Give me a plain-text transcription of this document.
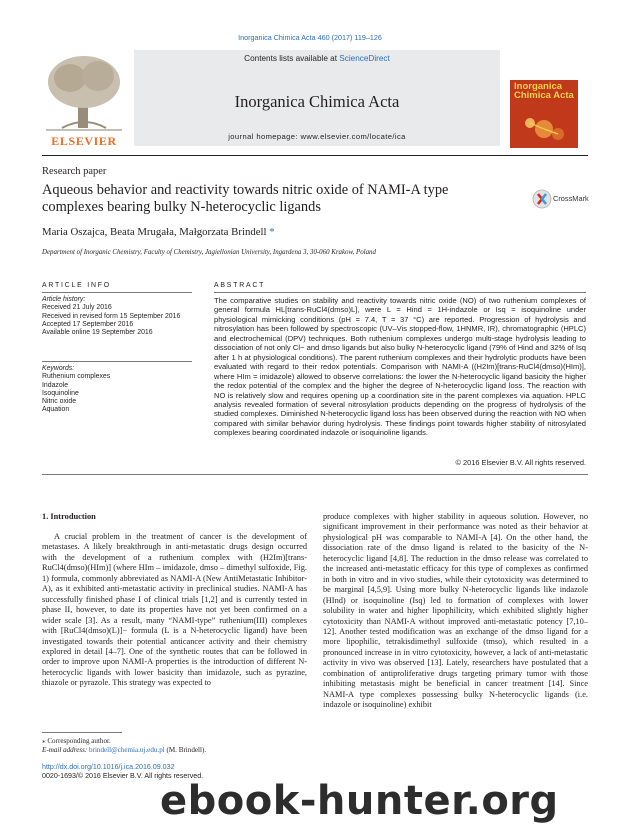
Inorganica Chimica Acta 460 (2017) 119–126
ELSEVIER
Contents lists available at ScienceDirect
Inorganica Chimica Acta
journal homepage: www.elsevier.com/locate/ica
Inorganica Chimica Acta
Research paper
Aqueous behavior and reactivity towards nitric oxide of NAMI-A type complexes bearing bulky N-heterocyclic ligands
CrossMark
Maria Oszajca, Beata Mrugała, Małgorzata Brindell *
Department of Inorganic Chemistry, Faculty of Chemistry, Jagiellonian University, Ingardena 3, 30-060 Krakow, Poland
ARTICLE INFO	ABSTRACT
Article history:
Received 21 July 2016
Received in revised form 15 September 2016
Accepted 17 September 2016
Available online 19 September 2016
Keywords:
Ruthenium complexes
Indazole
Isoquinoline
Nitric oxide
Aquation
The comparative studies on stability and reactivity towards nitric oxide (NO) of two ruthenium complexes of general formula HL[trans-RuCl4(dmso)L], were L = Hind = 1H-indazole or Isq = isoquinoline under physiological mimicking conditions (pH = 7.4, T = 37 °C) are reported. Progression of hydrolysis and nitrosylation has been followed by spectroscopic (UV–Vis stopped-flow, 1HNMR, IR), chromatographic (HPLC) and electrochemical (DPV) techniques. Both ruthenium complexes undergo multi-stage hydrolysis leading to dissociation of not only Cl− and dmso ligands but also bulky N-heterocyclic ligand (79% of Hind and 32% of Isq after 1 h at physiological conditions). The parent ruthenium complexes and their hydrolytic products have been evaluated with regard to their redox potentials. Comparison with NAMI-A ((H2Im)[trans-RuCl4(dmso)(HIm)], where HIm = imidazole) allowed to observe correlations: the lower the N-heterocyclic ligand basicity the higher the redox potential of the complex and the higher the degree of N-heterocyclic ligand loss. The reaction with NO is relatively slow and requires opening up a coordination site in the parent complexes via aquation. HPLC analysis revealed formation of several nitrosylation products depending on the progress of hydrolysis of the studied complexes. Diminished N-heterocyclic ligand loss has been observed during the reaction with NO when compared with similar behavior during hydrolysis. These findings point towards higher stability of nitrosylated complexes bearing coordinated indazole or isoquinoline ligands.
© 2016 Elsevier B.V. All rights reserved.
1. Introduction
A crucial problem in the treatment of cancer is the development of metastases. A likely breakthrough in anti-metastatic drugs design occurred with the development of a ruthenium complex with (H2Im)[trans-RuCl4(dmso)(HIm)] (where HIm – imidazole, dmso – dimethyl sulfoxide, Fig. 1) formula, commonly abbreviated as NAMI-A (New AntiMetastatic Inhibitor-A), as it exhibited anti-metastatic activity in preclinical studies. NAMI-A has successfully finished phase I of clinical trials [1,2] and is currently tested in phase II, however, to date its properties have not yet been confirmed on a wider scale [3]. As a result, many “NAMI-type” ruthenium(III) complexes with [RuCl4(dmso)(L)]− formula (L is a N-heterocyclic ligand) have been investigated towards their potential anticancer activity and their chemistry explored in detail [4–7]. One of the synthetic routes that can be followed in order to improve upon NAMI-A properties is the introduction of different N-heterocyclic ligands with lower basicity than imidazole, such as pyrazine, thiazole or pyrazole. This strategy was expected to
produce complexes with higher stability in aqueous solution. However, no significant improvement in their performance was noted as their behavior at physiological pH was comparable to NAMI-A [4]. On the other hand, the dissociation rate of the dmso ligand is related to the basicity of the N-heterocyclic ligand [4,8]. The reduction in the dmso release was correlated to the increased anti-metastatic efficacy for this type of complexes as confirmed in both in vitro and in vivo studies, while their cytotoxicity was determined to be marginal [4,5,9]. Using more bulky N-heterocyclic ligands like indazole (HInd) or isoquinoline (Isq) led to formation of complexes with lower solubility in water and higher lipophilicity, which exhibited slightly higher cytotoxicity than NAMI-A without improved anti-metastatic potency [7,10–12]. Another tested modification was an exchange of the dmso ligand for a more lipophilic, tetrakisdimethyl sulfoxide (tmso), which resulted in a pronounced increase in in vitro cytotoxicity, however, a lack of anti-metastatic activity in vivo was observed [13]. Lately, researchers have postulated that a combination of antiproliferative drugs targeting primary tumor with those inhibiting metastasis might be beneficial in cancer treatment [14]. Since NAMI-A type complexes possessing bulky N-heterocyclic ligands (i.e. indazole or isoquinoline) exhibit
⁎ Corresponding author.
E-mail address: brindell@chemia.uj.edu.pl (M. Brindell).
http://dx.doi.org/10.1016/j.ica.2016.09.032
0020-1693/© 2016 Elsevier B.V. All rights reserved.
ebook-hunter.org
